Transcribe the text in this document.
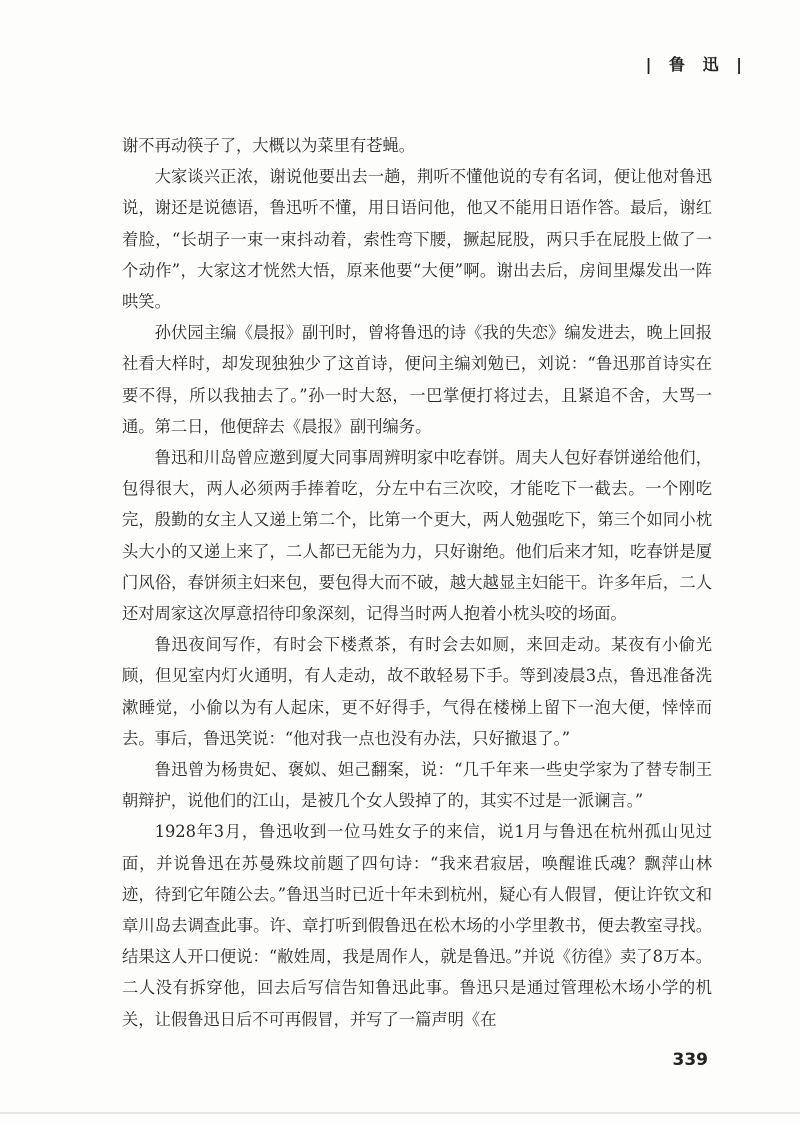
| 鲁 迅 |

谢不再动筷子了，大概以为菜里有苍蝇。

大家谈兴正浓，谢说他要出去一趟，荆听不懂他说的专有名词，便让他对鲁迅说，谢还是说德语，鲁迅听不懂，用日语问他，他又不能用日语作答。最后，谢红着脸，“长胡子一束一束抖动着，索性弯下腰，撅起屁股，两只手在屁股上做了一个动作”，大家这才恍然大悟，原来他要“大便”啊。谢出去后，房间里爆发出一阵哄笑。

孙伏园主编《晨报》副刊时，曾将鲁迅的诗《我的失恋》编发进去，晚上回报社看大样时，却发现独独少了这首诗，便问主编刘勉已，刘说：“鲁迅那首诗实在要不得，所以我抽去了。”孙一时大怒，一巴掌便打将过去，且紧追不舍，大骂一通。第二日，他便辞去《晨报》副刊编务。

鲁迅和川岛曾应邀到厦大同事周辨明家中吃春饼。周夫人包好春饼递给他们，包得很大，两人必须两手捧着吃，分左中右三次咬，才能吃下一截去。一个刚吃完，殷勤的女主人又递上第二个，比第一个更大，两人勉强吃下，第三个如同小枕头大小的又递上来了，二人都已无能为力，只好谢绝。他们后来才知，吃春饼是厦门风俗，春饼须主妇来包，要包得大而不破，越大越显主妇能干。许多年后，二人还对周家这次厚意招待印象深刻，记得当时两人抱着小枕头咬的场面。

鲁迅夜间写作，有时会下楼煮茶，有时会去如厕，来回走动。某夜有小偷光顾，但见室内灯火通明，有人走动，故不敢轻易下手。等到凌晨3点，鲁迅准备洗漱睡觉，小偷以为有人起床，更不好得手，气得在楼梯上留下一泡大便，悻悻而去。事后，鲁迅笑说：“他对我一点也没有办法，只好撤退了。”

鲁迅曾为杨贵妃、褒姒、妲己翻案，说：“几千年来一些史学家为了替专制王朝辩护，说他们的江山，是被几个女人毁掉了的，其实不过是一派谰言。”

1928年3月，鲁迅收到一位马姓女子的来信，说1月与鲁迅在杭州孤山见过面，并说鲁迅在苏曼殊坟前题了四句诗：“我来君寂居，唤醒谁氏魂？飘萍山林迹，待到它年随公去。”鲁迅当时已近十年未到杭州，疑心有人假冒，便让许钦文和章川岛去调查此事。许、章打听到假鲁迅在松木场的小学里教书，便去教室寻找。结果这人开口便说：“敝姓周，我是周作人，就是鲁迅。”并说《彷徨》卖了8万本。二人没有拆穿他，回去后写信告知鲁迅此事。鲁迅只是通过管理松木场小学的机关，让假鲁迅日后不可再假冒，并写了一篇声明《在

339
